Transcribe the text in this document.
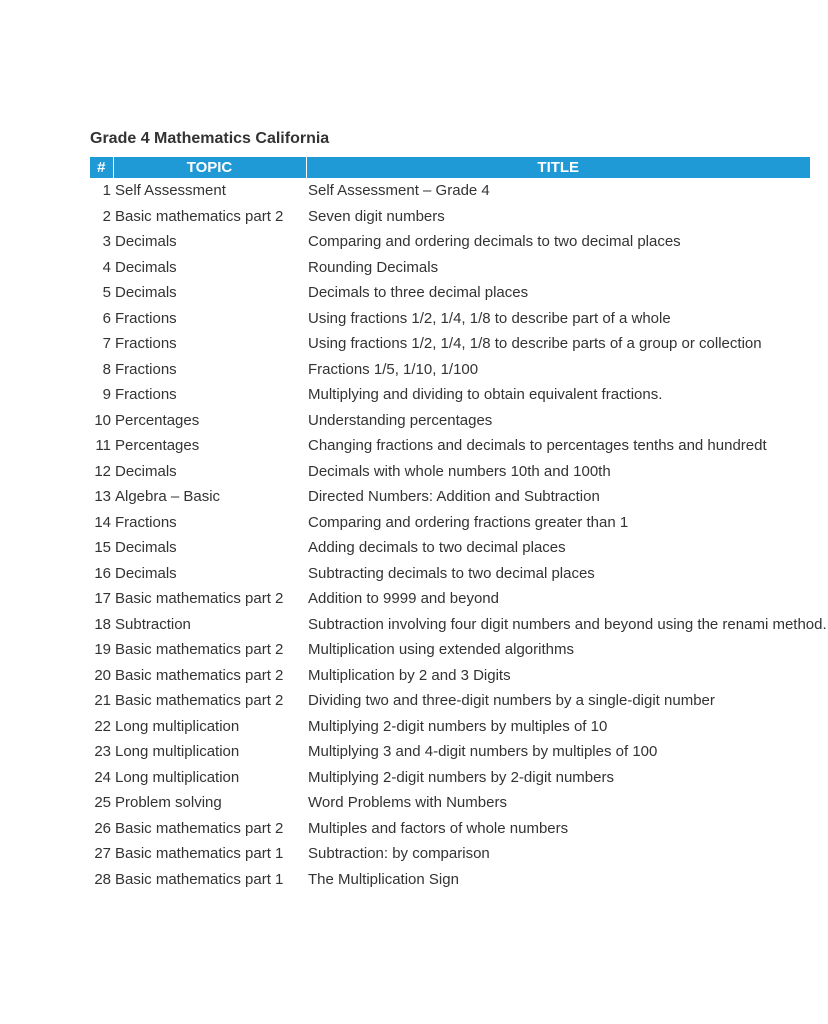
Grade 4 Mathematics California
#	TOPIC	TITLE
1	Self Assessment	Self Assessment – Grade 4

2	Basic mathematics part 2	Seven digit numbers

3	Decimals	Comparing and ordering decimals to two decimal places

4	Decimals	Rounding Decimals

5	Decimals	Decimals to three decimal places

6	Fractions	Using fractions 1/2, 1/4, 1/8 to describe part of a whole

7	Fractions	Using fractions 1/2, 1/4, 1/8 to describe parts of a group or collection

8	Fractions	Fractions 1/5, 1/10, 1/100

9	Fractions	Multiplying and dividing to obtain equivalent fractions.

10	Percentages	Understanding percentages

11	Percentages	Changing fractions and decimals to percentages tenths and hundredt

12	Decimals	Decimals with whole numbers 10th and 100th

13	Algebra – Basic	Directed Numbers: Addition and Subtraction

14	Fractions	Comparing and ordering fractions greater than 1

15	Decimals	Adding decimals to two decimal places

16	Decimals	Subtracting decimals to two decimal places

17	Basic mathematics part 2	Addition to 9999 and beyond

18	Subtraction	Subtraction involving four digit numbers and beyond using the renami method.

19	Basic mathematics part 2	Multiplication using extended algorithms

20	Basic mathematics part 2	Multiplication by 2 and 3 Digits

21	Basic mathematics part 2	Dividing two and three-digit numbers by a single-digit number

22	Long multiplication	Multiplying 2-digit numbers by multiples of 10

23	Long multiplication	Multiplying 3 and 4-digit numbers by multiples of 100

24	Long multiplication	Multiplying 2-digit numbers by 2-digit numbers

25	Problem solving	Word Problems with Numbers

26	Basic mathematics part 2	Multiples and factors of whole numbers

27	Basic mathematics part 1	Subtraction: by comparison

28	Basic mathematics part 1	The Multiplication Sign
